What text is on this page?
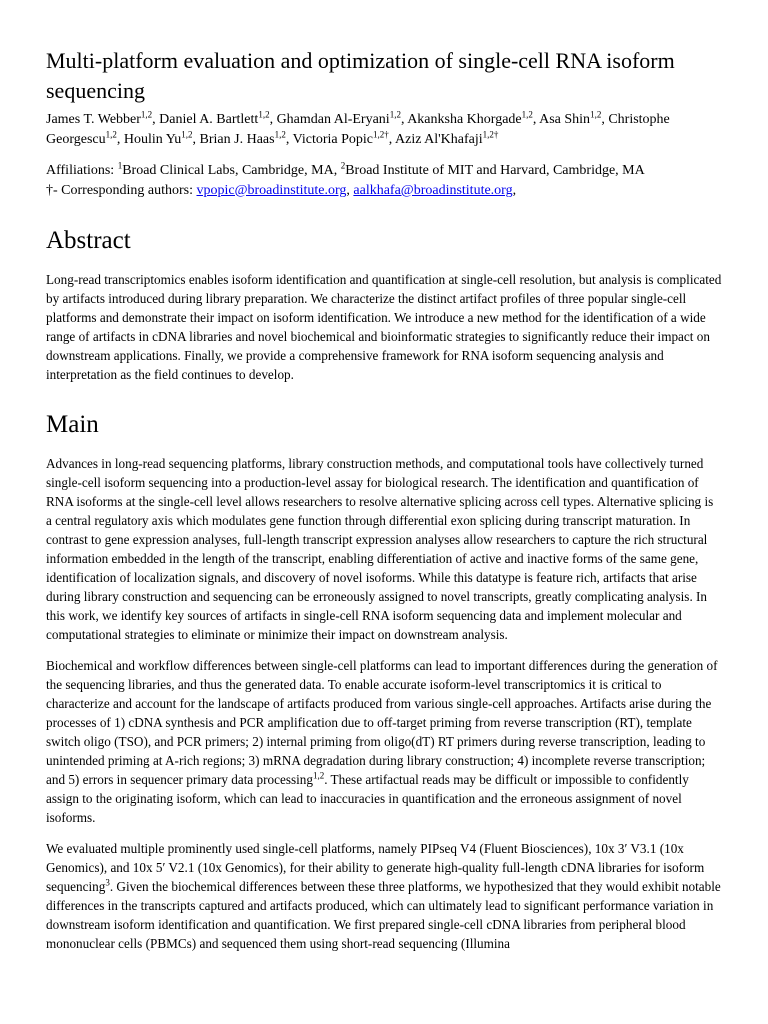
Multi-platform evaluation and optimization of single-cell RNA isoform sequencing
James T. Webber$^{1,2}$, Daniel A. Bartlett$^{1,2}$, Ghamdan Al-Eryani$^{1,2}$, Akanksha Khorgade$^{1,2}$, Asa Shin$^{1,2}$, Christophe Georgescu$^{1,2}$, Houlin Yu$^{1,2}$, Brian J. Haas$^{1,2}$, Victoria Popic$^{1,2\dagger}$, Aziz Al'Khafaji$^{1,2\dagger}$

Affiliations: $^1$Broad Clinical Labs, Cambridge, MA, $^2$Broad Institute of MIT and Harvard, Cambridge, MA

†- Corresponding authors: vpopic@broadinstitute.org, aalkhafa@broadinstitute.org,

Abstract

Long-read transcriptomics enables isoform identification and quantification at single-cell resolution, but analysis is complicated by artifacts introduced during library preparation. We characterize the distinct artifact profiles of three popular single-cell platforms and demonstrate their impact on isoform identification. We introduce a new method for the identification of a wide range of artifacts in cDNA libraries and novel biochemical and bioinformatic strategies to significantly reduce their impact on downstream applications. Finally, we provide a comprehensive framework for RNA isoform sequencing analysis and interpretation as the field continues to develop.

Main

Advances in long-read sequencing platforms, library construction methods, and computational tools have collectively turned single-cell isoform sequencing into a production-level assay for biological research. The identification and quantification of RNA isoforms at the single-cell level allows researchers to resolve alternative splicing across cell types. Alternative splicing is a central regulatory axis which modulates gene function through differential exon splicing during transcript maturation. In contrast to gene expression analyses, full-length transcript expression analyses allow researchers to capture the rich structural information embedded in the length of the transcript, enabling differentiation of active and inactive forms of the same gene, identification of localization signals, and discovery of novel isoforms. While this datatype is feature rich, artifacts that arise during library construction and sequencing can be erroneously assigned to novel transcripts, greatly complicating analysis. In this work, we identify key sources of artifacts in single-cell RNA isoform sequencing data and implement molecular and computational strategies to eliminate or minimize their impact on downstream analysis.

Biochemical and workflow differences between single-cell platforms can lead to important differences during the generation of the sequencing libraries, and thus the generated data. To enable accurate isoform-level transcriptomics it is critical to characterize and account for the landscape of artifacts produced from various single-cell approaches. Artifacts arise during the processes of 1) cDNA synthesis and PCR amplification due to off-target priming from reverse transcription (RT), template switch oligo (TSO), and PCR primers; 2) internal priming from oligo(dT) RT primers during reverse transcription, leading to unintended priming at A-rich regions; 3) mRNA degradation during library construction; 4) incomplete reverse transcription; and 5) errors in sequencer primary data processing$^{1,2}$. These artifactual reads may be difficult or impossible to confidently assign to the originating isoform, which can lead to inaccuracies in quantification and the erroneous assignment of novel isoforms.

We evaluated multiple prominently used single-cell platforms, namely PIPseq V4 (Fluent Biosciences), 10x 3′ V3.1 (10x Genomics), and 10x 5′ V2.1 (10x Genomics), for their ability to generate high-quality full-length cDNA libraries for isoform sequencing$^3$. Given the biochemical differences between these three platforms, we hypothesized that they would exhibit notable differences in the transcripts captured and artifacts produced, which can ultimately lead to significant performance variation in downstream isoform identification and quantification. We first prepared single-cell cDNA libraries from peripheral blood mononuclear cells (PBMCs) and sequenced them using short-read sequencing (Illumina
